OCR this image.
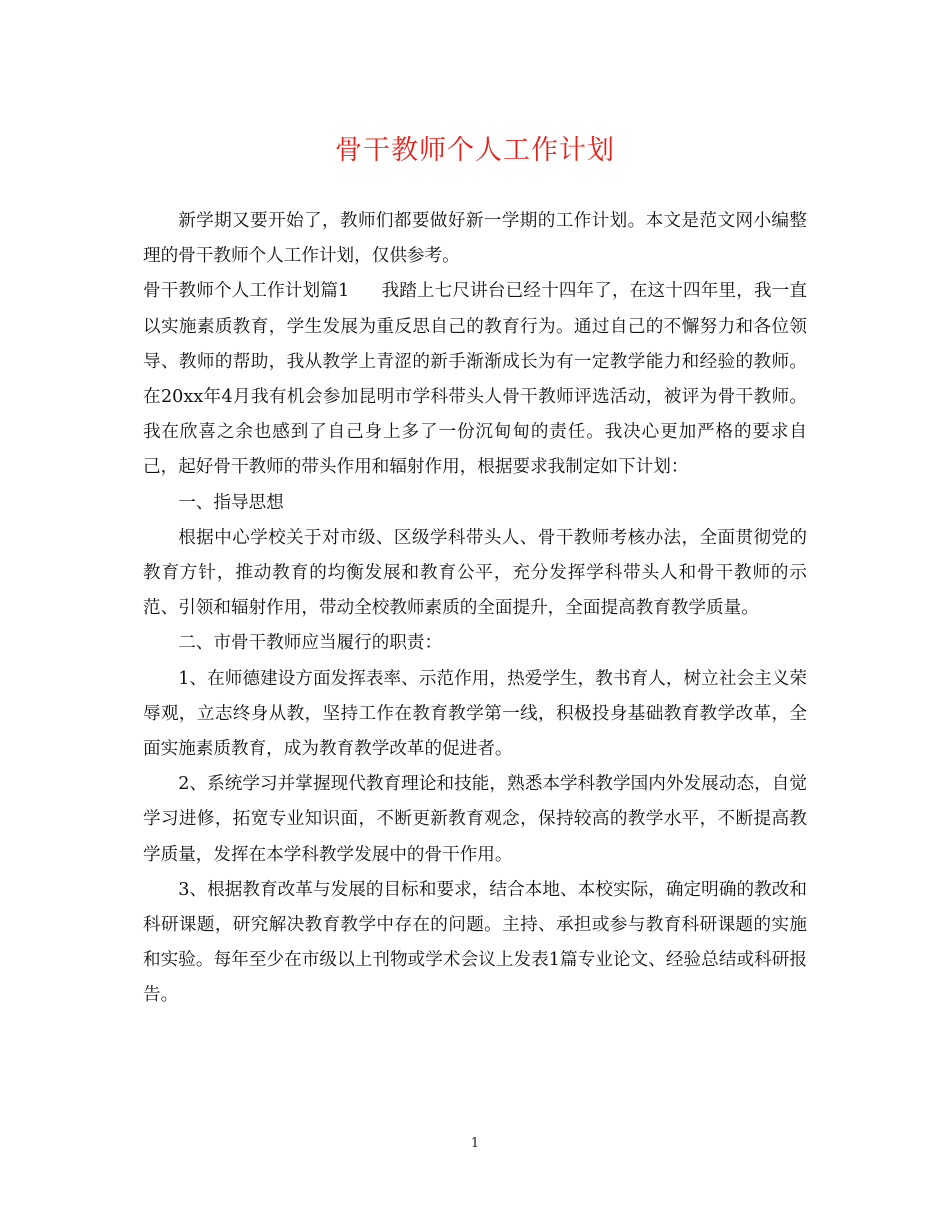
骨干教师个人工作计划

新学期又要开始了，教师们都要做好新一学期的工作计划。本文是范文网小编整理的骨干教师个人工作计划，仅供参考。

骨干教师个人工作计划篇1 我踏上七尺讲台已经十四年了，在这十四年里，我一直以实施素质教育，学生发展为重反思自己的教育行为。通过自己的不懈努力和各位领导、教师的帮助，我从教学上青涩的新手渐渐成长为有一定教学能力和经验的教师。在20xx年4月我有机会参加昆明市学科带头人骨干教师评选活动，被评为骨干教师。我在欣喜之余也感到了自己身上多了一份沉甸甸的责任。我决心更加严格的要求自己，起好骨干教师的带头作用和辐射作用，根据要求我制定如下计划：

一、指导思想

根据中心学校关于对市级、区级学科带头人、骨干教师考核办法，全面贯彻党的教育方针，推动教育的均衡发展和教育公平，充分发挥学科带头人和骨干教师的示范、引领和辐射作用，带动全校教师素质的全面提升，全面提高教育教学质量。

二、市骨干教师应当履行的职责：

1、在师德建设方面发挥表率、示范作用，热爱学生，教书育人，树立社会主义荣辱观，立志终身从教，坚持工作在教育教学第一线，积极投身基础教育教学改革，全面实施素质教育，成为教育教学改革的促进者。

2、系统学习并掌握现代教育理论和技能，熟悉本学科教学国内外发展动态，自觉学习进修，拓宽专业知识面，不断更新教育观念，保持较高的教学水平，不断提高教学质量，发挥在本学科教学发展中的骨干作用。

3、根据教育改革与发展的目标和要求，结合本地、本校实际，确定明确的教改和科研课题，研究解决教育教学中存在的问题。主持、承担或参与教育科研课题的实施和实验。每年至少在市级以上刊物或学术会议上发表1篇专业论文、经验总结或科研报告。

1
